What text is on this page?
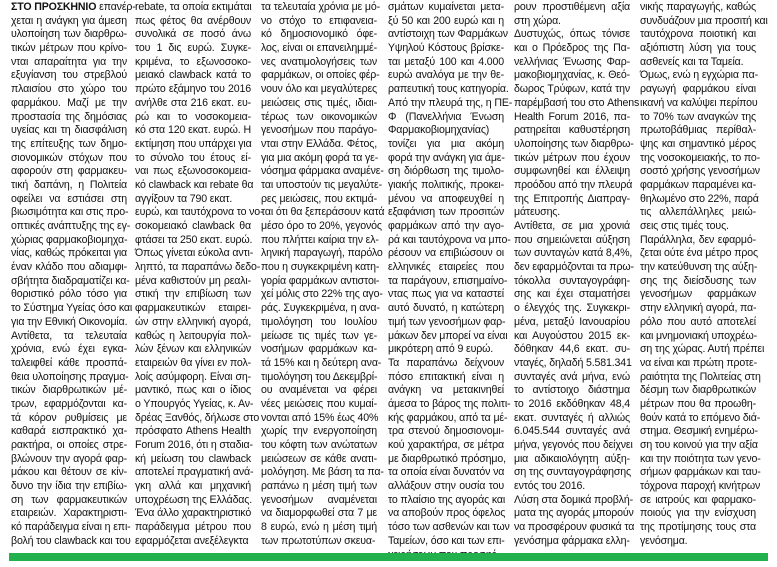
ΣΤΟ ΠΡΟΣΚΗΝΙΟ επανέρ-
χεται η ανάγκη για άμεση
υλοποίηση των διαρθρω-
τικών μέτρων που κρίνο-
νται απαραίτητα για την
εξυγίανση του στρεβλού
πλαισίου στο χώρο του
φαρμάκου. Μαζί με την
προστασία της δημόσιας
υγείας και τη διασφάλιση
της επίτευξης των δημο-
σιονομικών στόχων που
αφορούν στη φαρμακευ-
τική δαπάνη, η Πολιτεία
οφείλει να εστιάσει στη
βιωσιμότητα και στις προ-
οπτικές ανάπτυξης της εγ-
χώριας φαρμακοβιομηχα-
νίας, καθώς πρόκειται για
έναν κλάδο που αδιαμφι-
σβήτητα διαδραματίζει κα-
θοριστικό ρόλο τόσο για
το Σύστημα Υγείας όσο και
για την Εθνική Οικονομία.
Αντίθετα, τα τελευταία
χρόνια, ενώ έχει εγκα-
ταλειφθεί κάθε προσπά-
θεια υλοποίησης πραγμα-
τικών διαρθρωτικών μέ-
τρων, εφαρμόζονται κα-
τά κόρον ρυθμίσεις με
καθαρά εισπρακτικό χα-
ρακτήρα, οι οποίες στρε-
βλώνουν την αγορά φαρ-
μάκου και θέτουν σε κίν-
δυνο την ίδια την επιβίω-
ση των φαρμακευτικών
εταιρειών. Χαρακτηριστι-
κό παράδειγμα είναι η επι-
βολή του clawback και του
rebate, τα οποία εκτιμάται
πως φέτος θα ανέρθουν
συνολικά σε ποσό άνω
του 1 δις ευρώ. Συγκε-
κριμένα, το εξωνοσοκο-
μειακό clawback κατά το
πρώτο εξάμηνο του 2016
ανήλθε στα 216 εκατ. ευ-
ρώ και το νοσοκομεια-
κό στα 120 εκατ. ευρώ. Η
εκτίμηση που υπάρχει για
το σύνολο του έτους εί-
ναι πως εξωνοσοκομεια-
κό clawback και rebate θα
αγγίξουν τα 790 εκατ.
ευρώ, και ταυτόχρονα το νο-
σοκομειακό clawback θα
φτάσει τα 250 εκατ. ευρώ.
Όπως γίνεται εύκολα αντι-
ληπτό, τα παραπάνω δεδο-
μένα καθιστούν μη ρεαλι-
στική την επιβίωση των
φαρμακευτικών εταιρει-
ών στην ελληνική αγορά,
καθώς η λειτουργία πολ-
λών ξένων και ελληνικών
εταιρειών θα γίνει εν πολ-
λοίς ασύμφορη. Είναι ση-
μαντικό, πως και ο ίδιος
ο Υπουργός Υγείας, κ. Αν-
δρέας Ξανθός, δήλωσε στο
πρόσφατο Athens Health
Forum 2016, ότι η σταδια-
κή μείωση του clawback
αποτελεί πραγματική ανά-
γκη αλλά και μηχανική
υποχρέωση της Ελλάδας.
Ένα άλλο χαρακτηριστικό
παράδειγμα μέτρου που
εφαρμόζεται ανεξέλεγκτα
τα τελευταία χρόνια με μό-
νο στόχο το επιφανεια-
κό δημοσιονομικό όφε-
λος, είναι οι επανειλημμέ-
νες ανατιμολογήσεις των
φαρμάκων, οι οποίες φέρ-
νουν όλο και μεγαλύτερες
μειώσεις στις τιμές, ιδιαι-
τέρως των οικονομικών
γενοσήμων που παράγο-
νται στην Ελλάδα. Φέτος,
για μια ακόμη φορά τα γε-
νόσημα φάρμακα αναμένε-
ται υποστούν τις μεγαλύτε-
ρες μειώσεις, που εκτιμά-
ται ότι θα ξεπεράσουν κατά
μέσο όρο το 20%, γεγονός
που πλήττει καίρια την ελ-
ληνική παραγωγή, παρόλο
που η συγκεκριμένη κατη-
γορία φαρμάκων αντιστοι-
χεί μόλις στο 22% της αγο-
ράς. Συγκεκριμένα, η ανα-
τιμολόγηση του Ιουλίου
μείωσε τις τιμές των γε-
νοσήμων φαρμάκων κα-
τά 15% και η δεύτερη ανα-
τιμολόγηση του Δεκεμβρί-
ου αναμένεται να φέρει
νέες μειώσεις που κυμαί-
νονται από 15% έως 40%
χωρίς την ενεργοποίηση
του κόφτη των ανώτατων
μειώσεων σε κάθε ανατι-
μολόγηση. Με βάση τα πα-
ραπάνω η μέση τιμή των
γενοσήμων αναμένεται
να διαμορφωθεί στα 7 με
8 ευρώ, ενώ η μέση τιμή
των πρωτοτύπων σκευα-
σμάτων κυμαίνεται μετα-
ξύ 50 και 200 ευρώ και η
αντίστοιχη των Φαρμάκων
Υψηλού Κόστους βρίσκε-
ται μεταξύ 100 και 4.000
ευρώ αναλόγα με την θε-
ραπευτική τους κατηγορία.
Από την πλευρά της, η ΠΕ-
Φ (Πανελλήνια Ένωση
Φαρμακοβιομηχανίας)
τονίζει για μια ακόμη
φορά την ανάγκη για άμε-
ση διόρθωση της τιμολο-
γιακής πολιτικής, προκει-
μένου να αποφευχθεί η
εξαφάνιση των προσιτών
φαρμάκων από την αγο-
ρά και ταυτόχρονα να μπο-
ρέσουν να επιβιώσουν οι
ελληνικές εταιρείες που
τα παράγουν, επισημαίνο-
ντας πως για να καταστεί
αυτό δυνατό, η κατώτερη
τιμή των γενοσήμων φαρ-
μάκων δεν μπορεί να είναι
μικρότερη από 9 ευρώ.
Τα παραπάνω δείχνουν
πόσο επιτακτική είναι η
ανάγκη να μετακινηθεί
άμεσα το βάρος της πολιτι-
κής φαρμάκου, από τα μέ-
τρα στενού δημοσιονομι-
κού χαρακτήρα, σε μέτρα
με διαρθρωτικό πρόσημο,
τα οποία είναι δυνατόν να
αλλάξουν στην ουσία του
το πλαίσιο της αγοράς και
να αποβούν προς όφελος
τόσο των ασθενών και των
Ταμείων, όσο και των επι-
ρουν προστιθέμενη αξία
στη χώρα.
Δυστυχώς, όπως τόνισε
και ο Πρόεδρος της Πα-
νελλήνιας Ένωσης Φαρ-
μακοβιομηχανίας, κ. Θεό-
δωρος Τρύφων, κατά την
παρέμβασή του στο Athens
Health Forum 2016, πα-
ρατηρείται καθυστέρηση
υλοποίησης των διαρθρω-
τικών μέτρων που έχουν
συμφωνηθεί και έλλειψη
προόδου από την πλευρά
της Επιτροπής Διαπραγ-
μάτευσης.
Αντίθετα, σε μια χρονιά
που σημειώνεται αύξηση
των συνταγών κατά 8,4%,
δεν εφαρμόζονται τα πρω-
τόκολλα συνταγογράφη-
σης και έχει σταματήσει
ο έλεγχός της. Συγκεκρι-
μένα, μεταξύ Ιανουαρίου
και Αυγούστου 2015 εκ-
δόθηκαν 44,6 εκατ. συ-
νταγές, δηλαδή 5.581.341
συνταγές ανά μήνα, ενώ
το αντίστοιχο διάστημα
το 2016 εκδόθηκαν 48,4
εκατ. συνταγές ή αλλιώς
6.045.544 συνταγές ανά
μήνα, γεγονός που δείχνει
μια αδικαιολόγητη αύξη-
ση της συνταγογράφησης
εντός του 2016.
Λύση στα δομικά προβλή-
ματα της αγοράς μπορούν
να προσφέρουν φυσικά τα
γενόσημα φάρμακα ελλη-
νικής παραγωγής, καθώς
συνδυάζουν μια προσιτή και
ταυτόχρονα ποιοτική και
αξιόπιστη λύση για τους
ασθενείς και τα Ταμεία.
Όμως, ενώ η εγχώρια πα-
ραγωγή φαρμάκου είναι
ικανή να καλύψει περίπου
το 70% των αναγκών της
πρωτοβάθμιας περίθαλ-
ψης και σημαντικό μέρος
της νοσοκομειακής, το πο-
σοστό χρήσης γενοσήμων
φαρμάκων παραμένει κα-
θηλωμένο στο 22%, παρά
τις αλλεπάλληλες μειώ-
σεις στις τιμές τους.
Παράλληλα, δεν εφαρμό-
ζεται ούτε ένα μέτρο προς
την κατεύθυνση της αύξη-
σης της διείσδυσης των
γενοσήμων φαρμάκων
στην ελληνική αγορά, πα-
ρόλο που αυτό αποτελεί
και μνημονιακή υποχρέω-
ση της χώρας. Αυτή πρέπει
να είναι και πρώτη προτε-
ραιότητα της Πολιτείας στη
δέσμη των διαρθρωτικών
μέτρων που θα προωθη-
θούν κατά το επόμενο διά-
στημα. Θεσμική ενημέρω-
ση του κοινού για την αξία
και την ποιότητα των γενο-
σήμων φαρμάκων και ταυ-
τόχρονα παροχή κινήτρων
σε ιατρούς και φαρμακο-
ποιούς για την ενίσχυση
της προτίμησης τους στα
γενόσημα.
